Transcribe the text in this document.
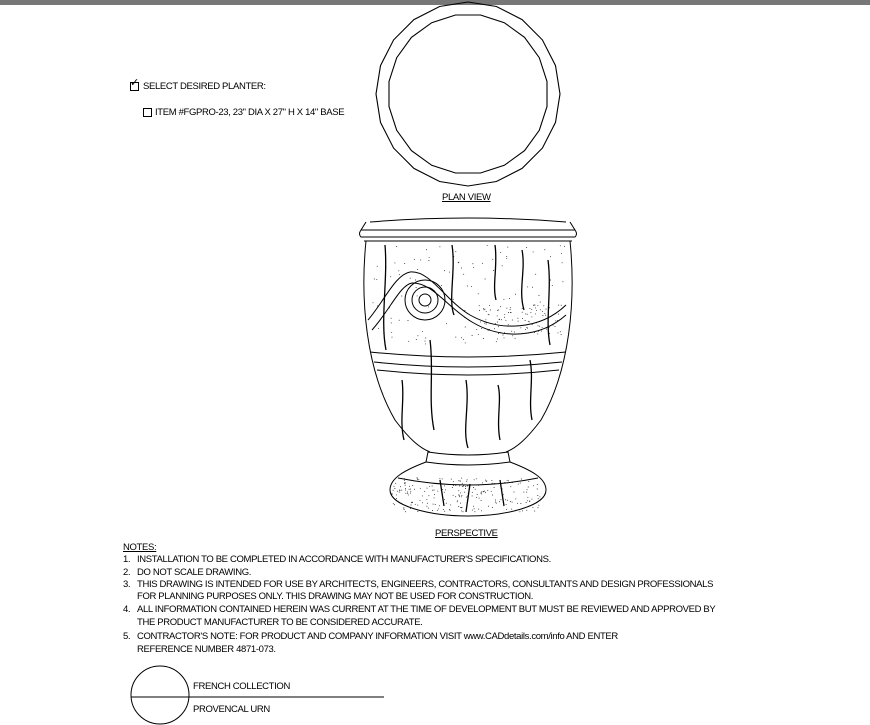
✓ SELECT DESIRED PLANTER:
ITEM #FGPRO-23, 23" DIA X 27" H X 14" BASE
PLAN VIEW
PERSPECTIVE
NOTES:
1. INSTALLATION TO BE COMPLETED IN ACCORDANCE WITH MANUFACTURER'S SPECIFICATIONS.
2. DO NOT SCALE DRAWING.
3. THIS DRAWING IS INTENDED FOR USE BY ARCHITECTS, ENGINEERS, CONTRACTORS, CONSULTANTS AND DESIGN PROFESSIONALS
FOR PLANNING PURPOSES ONLY. THIS DRAWING MAY NOT BE USED FOR CONSTRUCTION.
4. ALL INFORMATION CONTAINED HEREIN WAS CURRENT AT THE TIME OF DEVELOPMENT BUT MUST BE REVIEWED AND APPROVED BY
THE PRODUCT MANUFACTURER TO BE CONSIDERED ACCURATE.
5. CONTRACTOR'S NOTE: FOR PRODUCT AND COMPANY INFORMATION VISIT www.CADdetails.com/info AND ENTER
REFERENCE NUMBER 4871-073.
FRENCH COLLECTION
PROVENCAL URN
